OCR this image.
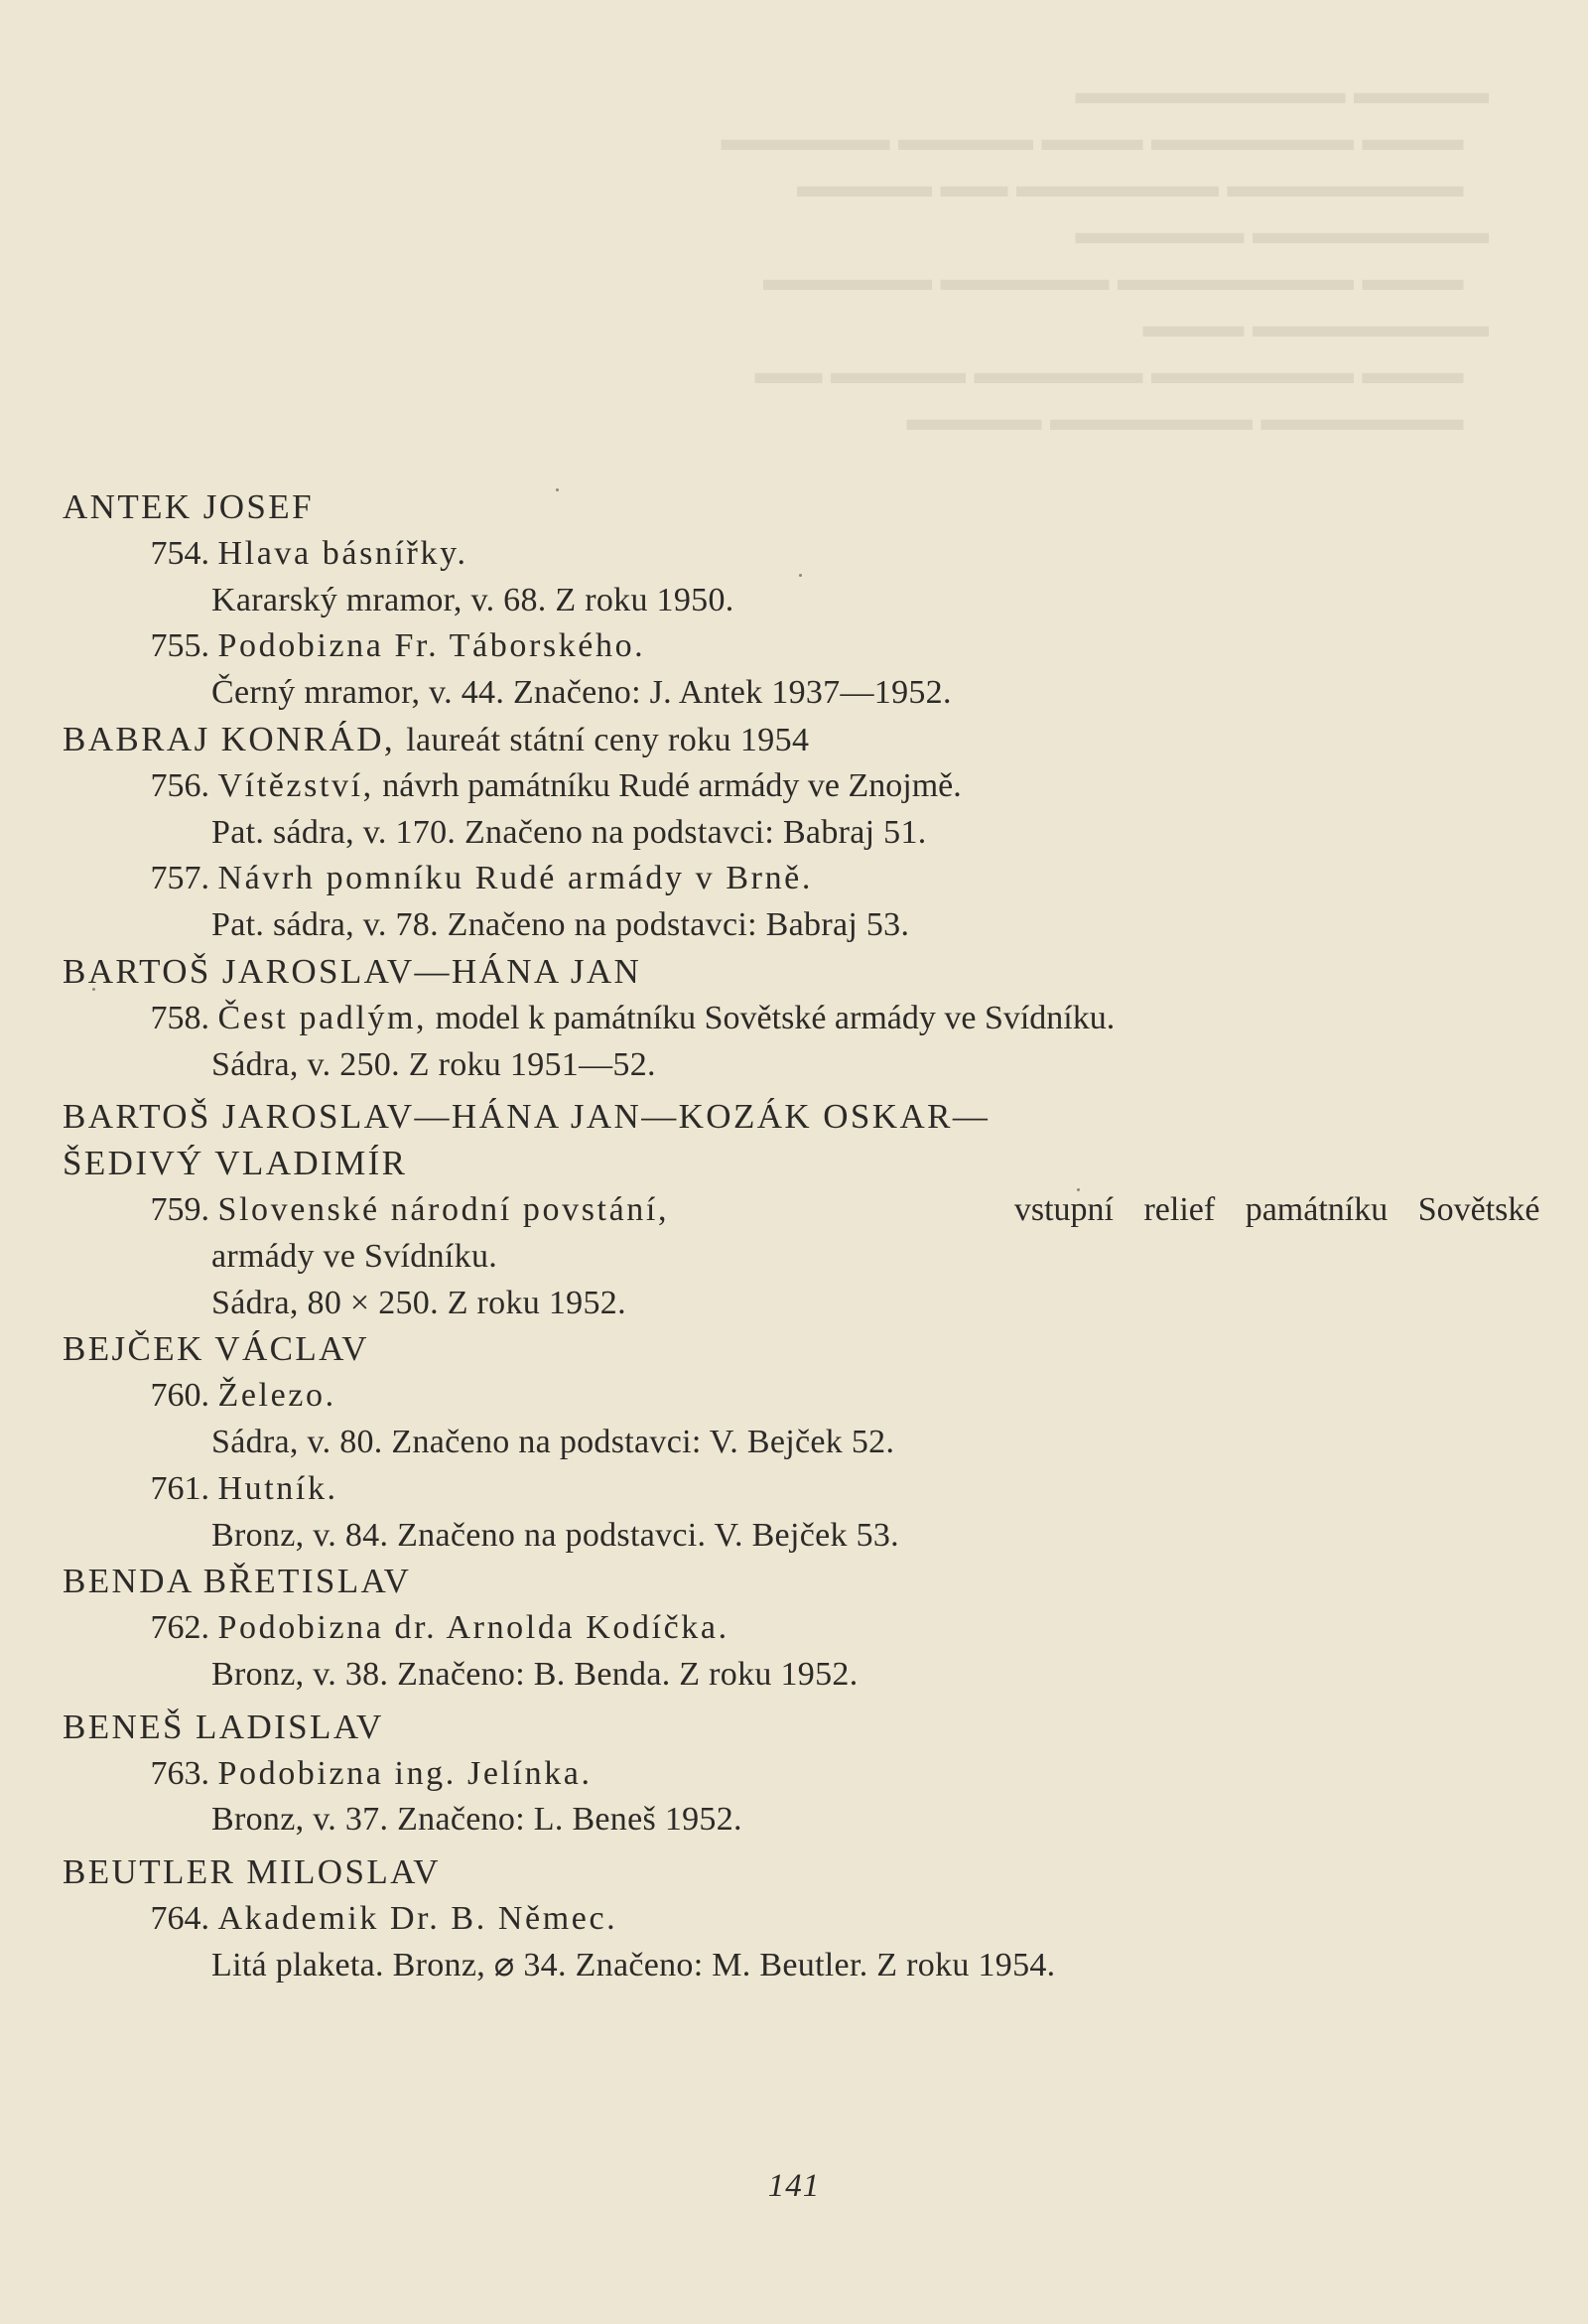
▬▬▬▬ ▬▬▬▬▬▬▬▬
▬▬▬ ▬▬▬▬▬▬ ▬▬▬ ▬▬▬▬ ▬▬▬▬▬
▬▬▬▬▬▬▬ ▬▬▬▬▬▬ ▬▬ ▬▬▬▬
▬▬▬▬▬▬▬ ▬▬▬▬▬
▬▬▬ ▬▬▬▬▬▬▬ ▬▬▬▬▬ ▬▬▬▬▬
▬▬▬▬▬▬▬ ▬▬▬
▬▬▬ ▬▬▬▬▬▬ ▬▬▬▬▬ ▬▬▬▬ ▬▬
▬▬▬▬▬▬ ▬▬▬▬▬▬ ▬▬▬▬
ANTEK JOSEF
754. Hlava básnířky.
Kararský mramor, v. 68. Z roku 1950.
755. Podobizna Fr. Táborského.
Černý mramor, v. 44. Značeno: J. Antek 1937—1952.
BABRAJ KONRÁD, laureát státní ceny roku 1954
756. Vítězství, návrh památníku Rudé armády ve Znojmě.
Pat. sádra, v. 170. Značeno na podstavci: Babraj 51.
757. Návrh pomníku Rudé armády v Brně.
Pat. sádra, v. 78. Značeno na podstavci: Babraj 53.
BARTOŠ JAROSLAV—HÁNA JAN
758. Čest padlým, model k památníku Sovětské armády ve Svídníku.
Sádra, v. 250. Z roku 1951—52.
BARTOŠ JAROSLAV—HÁNA JAN—KOZÁK OSKAR—
ŠEDIVÝ VLADIMÍR
759. Slovenské národní povstání,	vstupní relief památníku Sovětské
armády ve Svídníku.
Sádra, 80 × 250. Z roku 1952.
BEJČEK VÁCLAV
760. Železo.
Sádra, v. 80. Značeno na podstavci: V. Bejček 52.
761. Hutník.
Bronz, v. 84. Značeno na podstavci. V. Bejček 53.
BENDA BŘETISLAV
762. Podobizna dr. Arnolda Kodíčka.
Bronz, v. 38. Značeno: B. Benda. Z roku 1952.
BENEŠ LADISLAV
763. Podobizna ing. Jelínka.
Bronz, v. 37. Značeno: L. Beneš 1952.
BEUTLER MILOSLAV
764. Akademik Dr. B. Němec.
Litá plaketa. Bronz, ⌀ 34. Značeno: M. Beutler. Z roku 1954.
141
